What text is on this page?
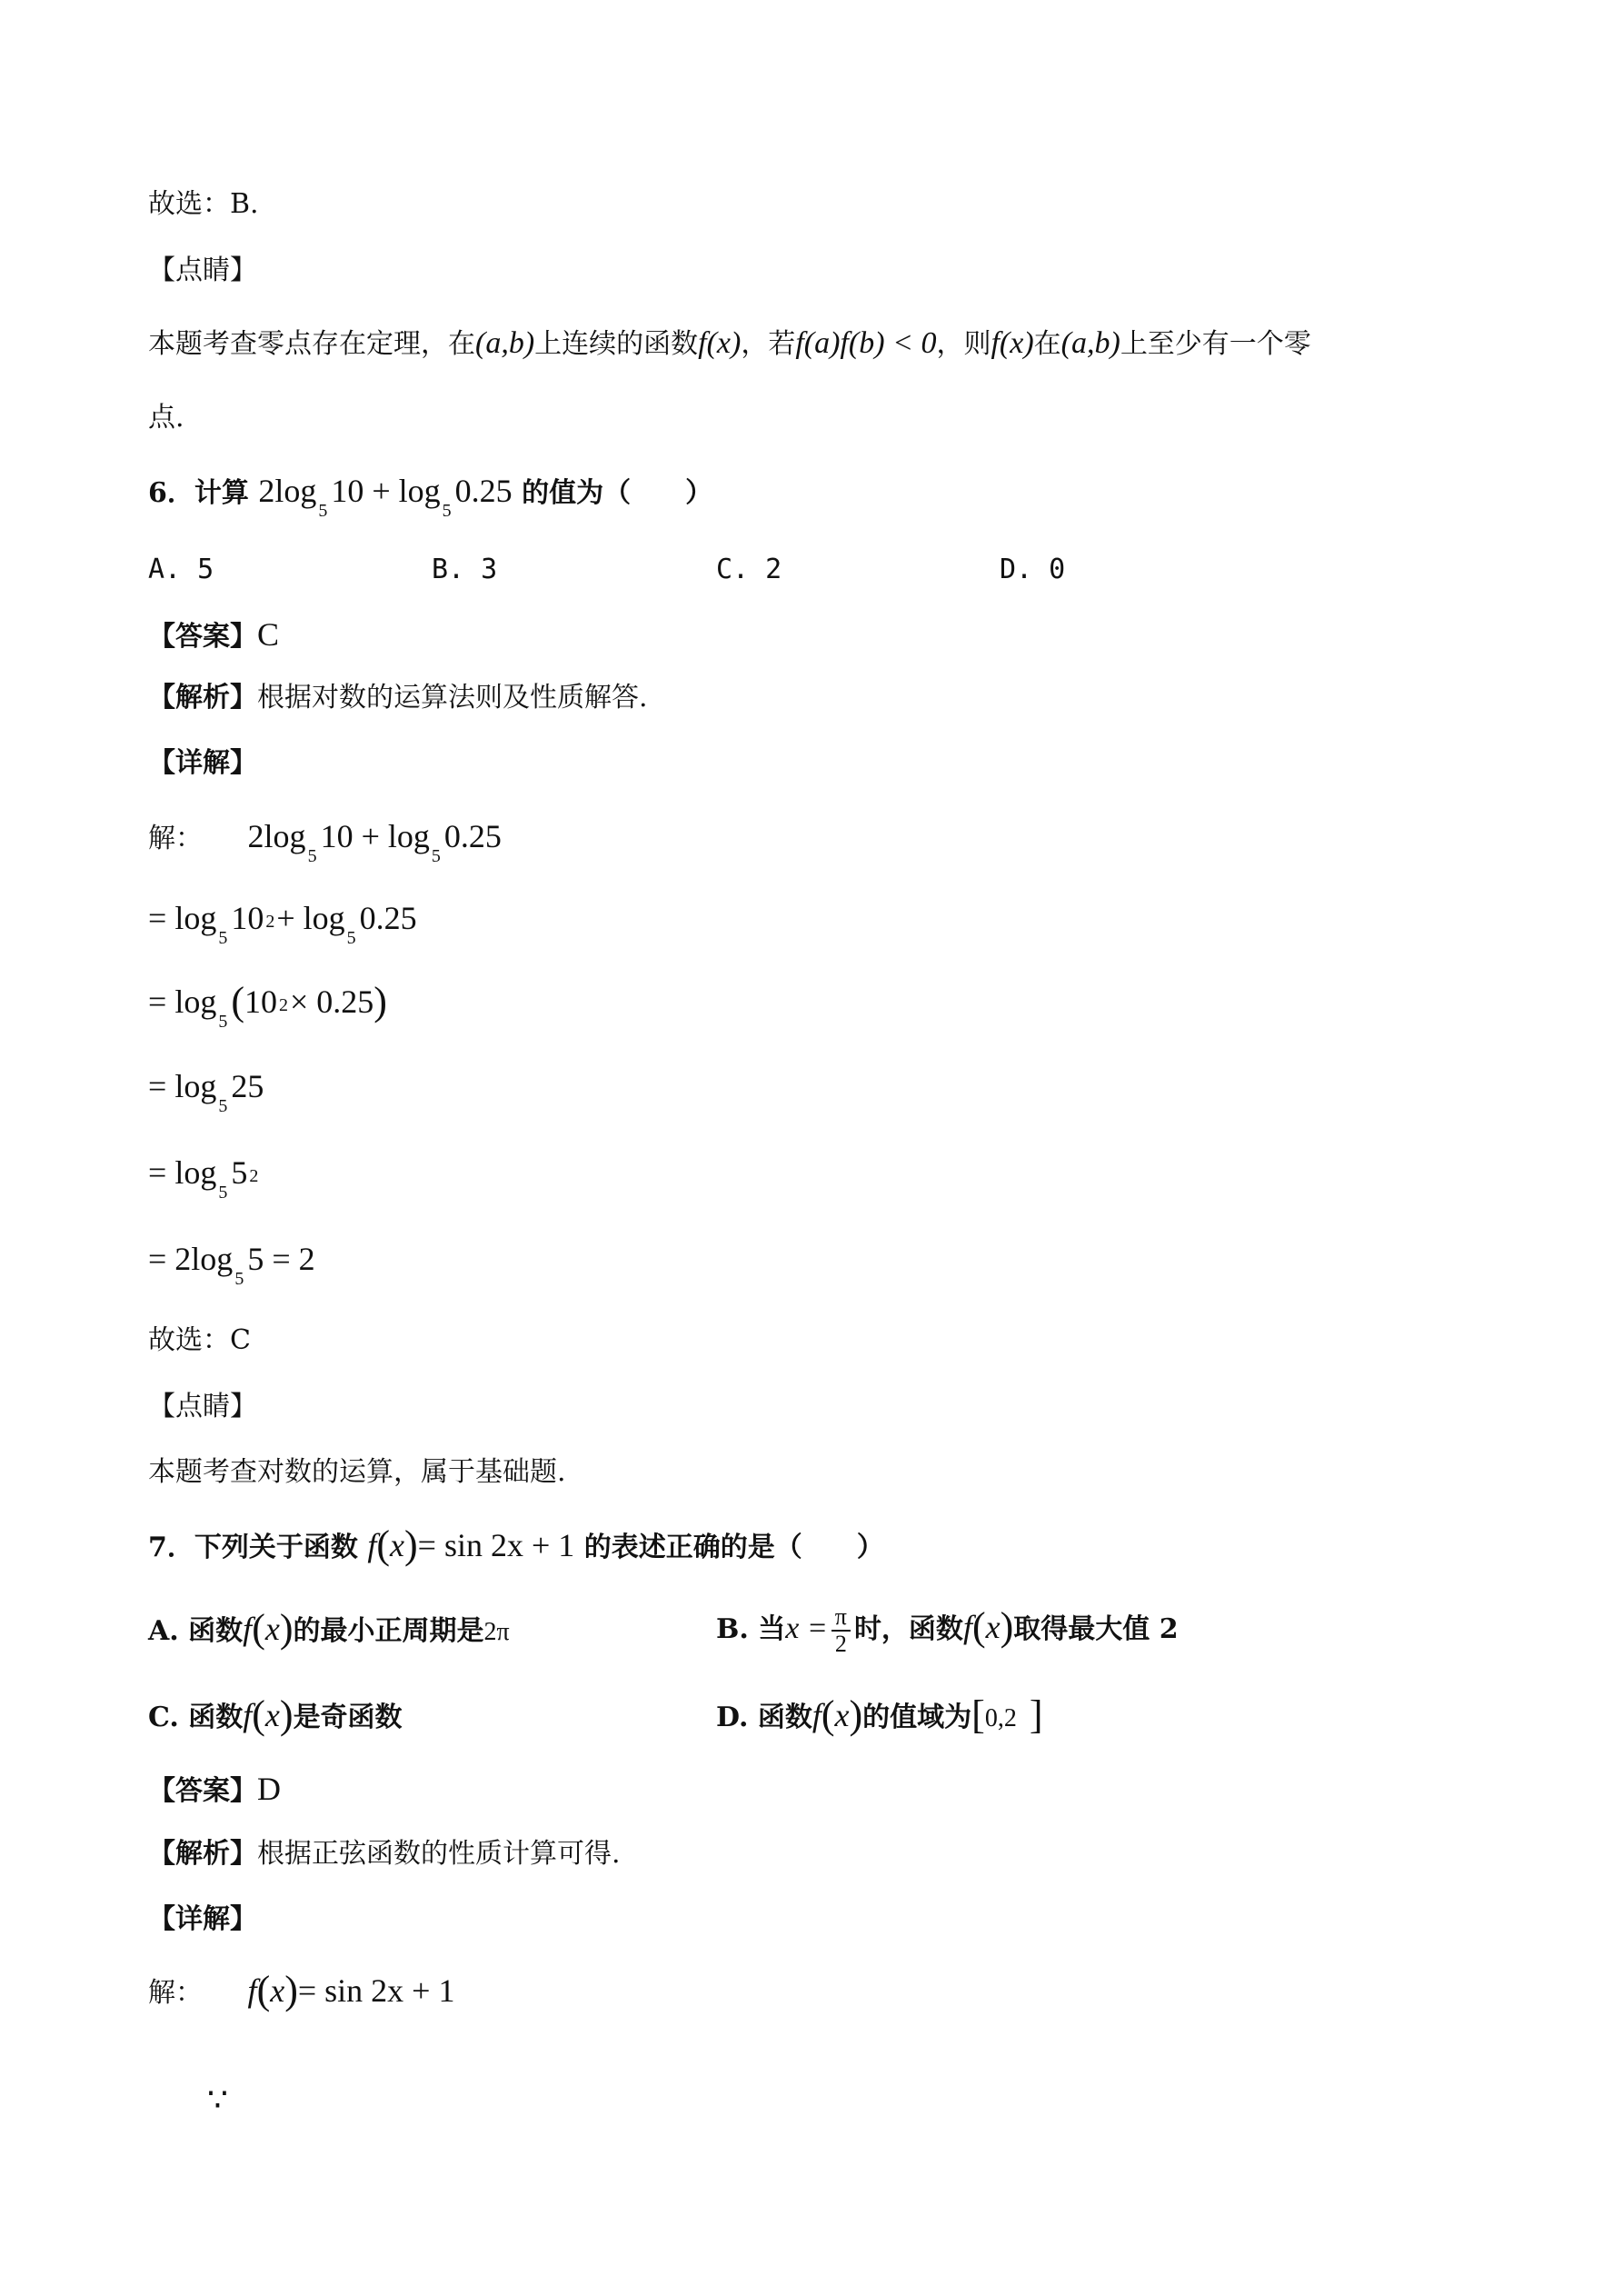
故选：B.
【点睛】
本题考查零点存在定理，在(a,b)上连续的函数f(x)，若f(a)f(b) < 0，则f(x)在(a,b)上至少有一个零
点.
6．计算 $2\log_510 + \log_50.25$ 的值为（　　）
A. 5	B. 3	C. 2	D. 0
【答案】C
【解析】根据对数的运算法则及性质解答.
【详解】
解： $2\log_510 + \log_50.25$
= $\log_510$ $2+ \log_50.25$
= $\log_5(10$ 2× 0.25)
= $\log_525$
= $\log_55$ 2
= $2\log_55 = 2$
故选：C
【点睛】
本题考查对数的运算，属于基础题.
7．下列关于函数 f(x)= sin 2x + 1 的表述正确的是（　　）
A. 函数f(x)的最小正周期是2π	B. 当$x = \frac{\pi}{2}$ 时，函数f(x)取得最大值 2
C. 函数f(x)是奇函数	D. 函数f(x)的值域为[0,2 ]
【答案】D
【解析】根据正弦函数的性质计算可得.
【详解】
解： f(x)= sin 2x + 1
∵
